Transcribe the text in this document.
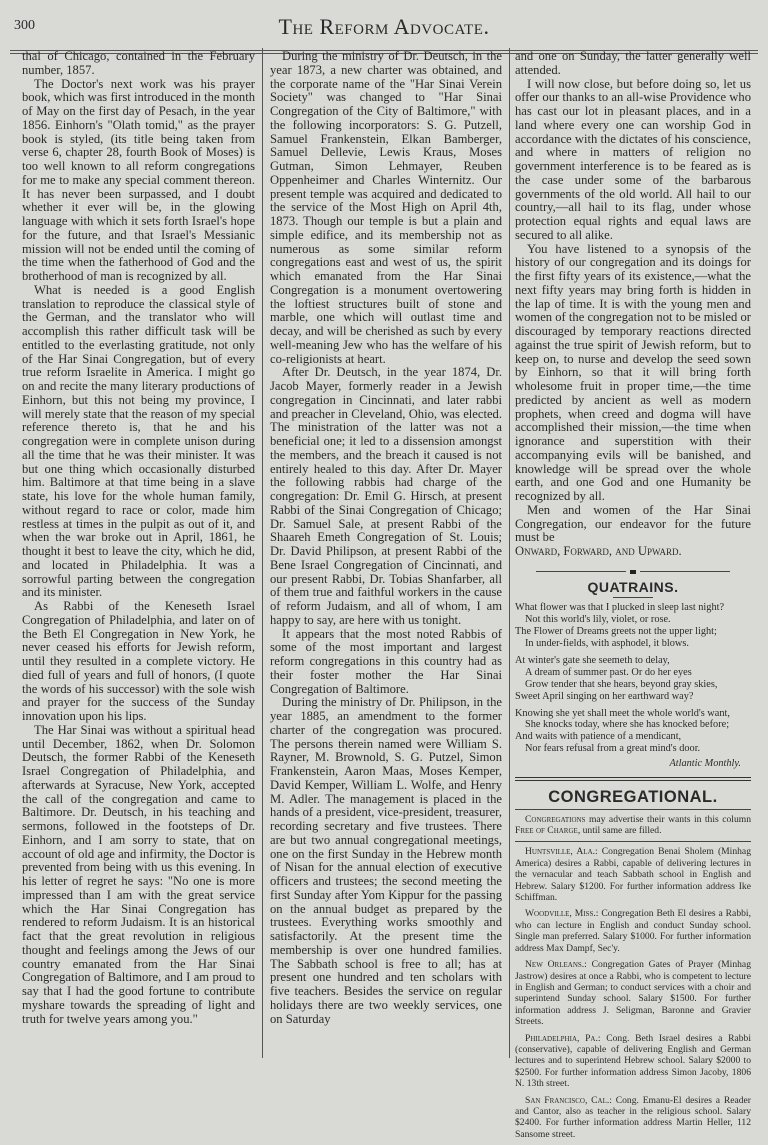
300	The Reform Advocate.

thal of Chicago, contained in the February number, 1857.

The Doctor's next work was his prayer book, which was first introduced in the month of May on the first day of Pesach, in the year 1856. Einhorn's "Olath tomid," as the prayer book is styled, (its title being taken from verse 6, chapter 28, fourth Book of Moses) is too well known to all reform congregations for me to make any special comment thereon. It has never been surpassed, and I doubt whether it ever will be, in the glowing language with which it sets forth Israel's hope for the future, and that Israel's Messianic mission will not be ended until the coming of the time when the fatherhood of God and the brotherhood of man is recognized by all.

What is needed is a good English translation to reproduce the classical style of the German, and the translator who will accomplish this rather difficult task will be entitled to the everlasting gratitude, not only of the Har Sinai Congregation, but of every true reform Israelite in America. I might go on and recite the many literary productions of Einhorn, but this not being my province, I will merely state that the reason of my special reference thereto is, that he and his congregation were in complete unison during all the time that he was their minister. It was but one thing which occasionally disturbed him. Baltimore at that time being in a slave state, his love for the whole human family, without regard to race or color, made him restless at times in the pulpit as out of it, and when the war broke out in April, 1861, he thought it best to leave the city, which he did, and located in Philadelphia. It was a sorrowful parting between the congregation and its minister.

As Rabbi of the Keneseth Israel Congregation of Philadelphia, and later on of the Beth El Congregation in New York, he never ceased his efforts for Jewish reform, until they resulted in a complete victory. He died full of years and full of honors, (I quote the words of his successor) with the sole wish and prayer for the success of the Sunday innovation upon his lips.

The Har Sinai was without a spiritual head until December, 1862, when Dr. Solomon Deutsch, the former Rabbi of the Keneseth Israel Congregation of Philadelphia, and afterwards at Syracuse, New York, accepted the call of the congregation and came to Baltimore. Dr. Deutsch, in his teaching and sermons, followed in the footsteps of Dr. Einhorn, and I am sorry to state, that on account of old age and infirmity, the Doctor is prevented from being with us this evening. In his letter of regret he says: "No one is more impressed than I am with the great service which the Har Sinai Congregation has rendered to reform Judaism. It is an historical fact that the great revolution in religious thought and feelings among the Jews of our country emanated from the Har Sinai Congregation of Baltimore, and I am proud to say that I had the good fortune to contribute myshare towards the spreading of light and truth for twelve years among you."

During the ministry of Dr. Deutsch, in the year 1873, a new charter was obtained, and the corporate name of the "Har Sinai Verein Society" was changed to "Har Sinai Congregation of the City of Baltimore," with the following incorporators: S. G. Putzell, Samuel Frankenstein, Elkan Bamberger, Samuel Dellevie, Lewis Kraus, Moses Gutman, Simon Lehmayer, Reuben Oppenheimer and Charles Winternitz. Our present temple was acquired and dedicated to the service of the Most High on April 4th, 1873. Though our temple is but a plain and simple edifice, and its membership not as numerous as some similar reform congregations east and west of us, the spirit which emanated from the Har Sinai Congregation is a monument overtowering the loftiest structures built of stone and marble, one which will outlast time and decay, and will be cherished as such by every well-meaning Jew who has the welfare of his co-religionists at heart.

After Dr. Deutsch, in the year 1874, Dr. Jacob Mayer, formerly reader in a Jewish congregation in Cincinnati, and later rabbi and preacher in Cleveland, Ohio, was elected. The ministration of the latter was not a beneficial one; it led to a dissension amongst the members, and the breach it caused is not entirely healed to this day. After Dr. Mayer the following rabbis had charge of the congregation: Dr. Emil G. Hirsch, at present Rabbi of the Sinai Congregation of Chicago; Dr. Samuel Sale, at present Rabbi of the Shaareh Emeth Congregation of St. Louis; Dr. David Philipson, at present Rabbi of the Bene Israel Congregation of Cincinnati, and our present Rabbi, Dr. Tobias Shanfarber, all of them true and faithful workers in the cause of reform Judaism, and all of whom, I am happy to say, are here with us tonight.

It appears that the most noted Rabbis of some of the most important and largest reform congregations in this country had as their foster mother the Har Sinai Congregation of Baltimore.

During the ministry of Dr. Philipson, in the year 1885, an amendment to the former charter of the congregation was procured. The persons therein named were William S. Rayner, M. Brownold, S. G. Putzel, Simon Frankenstein, Aaron Maas, Moses Kemper, David Kemper, William L. Wolfe, and Henry M. Adler. The management is placed in the hands of a president, vice-president, treasurer, recording secretary and five trustees. There are but two annual congregational meetings, one on the first Sunday in the Hebrew month of Nisan for the annual election of executive officers and trustees; the second meeting the first Sunday after Yom Kippur for the passing on the annual budget as prepared by the trustees. Everything works smoothly and satisfactorily. At the present time the membership is over one hundred families. The Sabbath school is free to all; has at present one hundred and ten scholars with five teachers. Besides the service on regular holidays there are two weekly services, one on Saturday

and one on Sunday, the latter generally well attended.

I will now close, but before doing so, let us offer our thanks to an all-wise Providence who has cast our lot in pleasant places, and in a land where every one can worship God in accordance with the dictates of his conscience, and where in matters of religion no government interference is to be feared as is the case under some of the barbarous governments of the old world. All hail to our country,—all hail to its flag, under whose protection equal rights and equal laws are secured to all alike.

You have listened to a synopsis of the history of our congregation and its doings for the first fifty years of its existence,—what the next fifty years may bring forth is hidden in the lap of time. It is with the young men and women of the congregation not to be misled or discouraged by temporary reactions directed against the true spirit of Jewish reform, but to keep on, to nurse and develop the seed sown by Einhorn, so that it will bring forth wholesome fruit in proper time,—the time predicted by ancient as well as modern prophets, when creed and dogma will have accomplished their mission,—the time when ignorance and superstition with their accompanying evils will be banished, and knowledge will be spread over the whole earth, and one God and one Humanity be recognized by all.

Men and women of the Har Sinai Congregation, our endeavor for the future must be

Onward, Forward, and Upward.

QUATRAINS.
What flower was that I plucked in sleep last night?
Not this world's lily, violet, or rose.
The Flower of Dreams greets not the upper light;
In under-fields, with asphodel, it blows.
At winter's gate she seemeth to delay,
A dream of summer past. Or do her eyes
Grow tender that she hears, beyond gray skies,
Sweet April singing on her earthward way?
Knowing she yet shall meet the whole world's want,
She knocks today, where she has knocked before;
And waits with patience of a mendicant,
Nor fears refusal from a great mind's door.
Atlantic Monthly.
CONGREGATIONAL.

Congregations may advertise their wants in this column Free of Charge, until same are filled.

Huntsville, Ala.: Congregation Benai Sholem (Minhag America) desires a Rabbi, capable of delivering lectures in the vernacular and teach Sabbath school in English and Hebrew. Salary $1200. For further information address Ike Schiffman.

Woodville, Miss.: Congregation Beth El desires a Rabbi, who can lecture in English and conduct Sunday school. Single man preferred. Salary $1000. For further information address Max Dampf, Sec'y.

New Orleans.: Congregation Gates of Prayer (Minhag Jastrow) desires at once a Rabbi, who is competent to lecture in English and German; to conduct services with a choir and superintend Sunday school. Salary $1500. For further information address J. Seligman, Baronne and Gravier Streets.

Philadelphia, Pa.: Cong. Beth Israel desires a Rabbi (conservative), capable of delivering English and German lectures and to superintend Hebrew school. Salary $2000 to $2500. For further information address Simon Jacoby, 1806 N. 13th street.

San Francisco, Cal.: Cong. Emanu-El desires a Reader and Cantor, also as teacher in the religious school. Salary $2400. For further information address Martin Heller, 112 Sansome street.
